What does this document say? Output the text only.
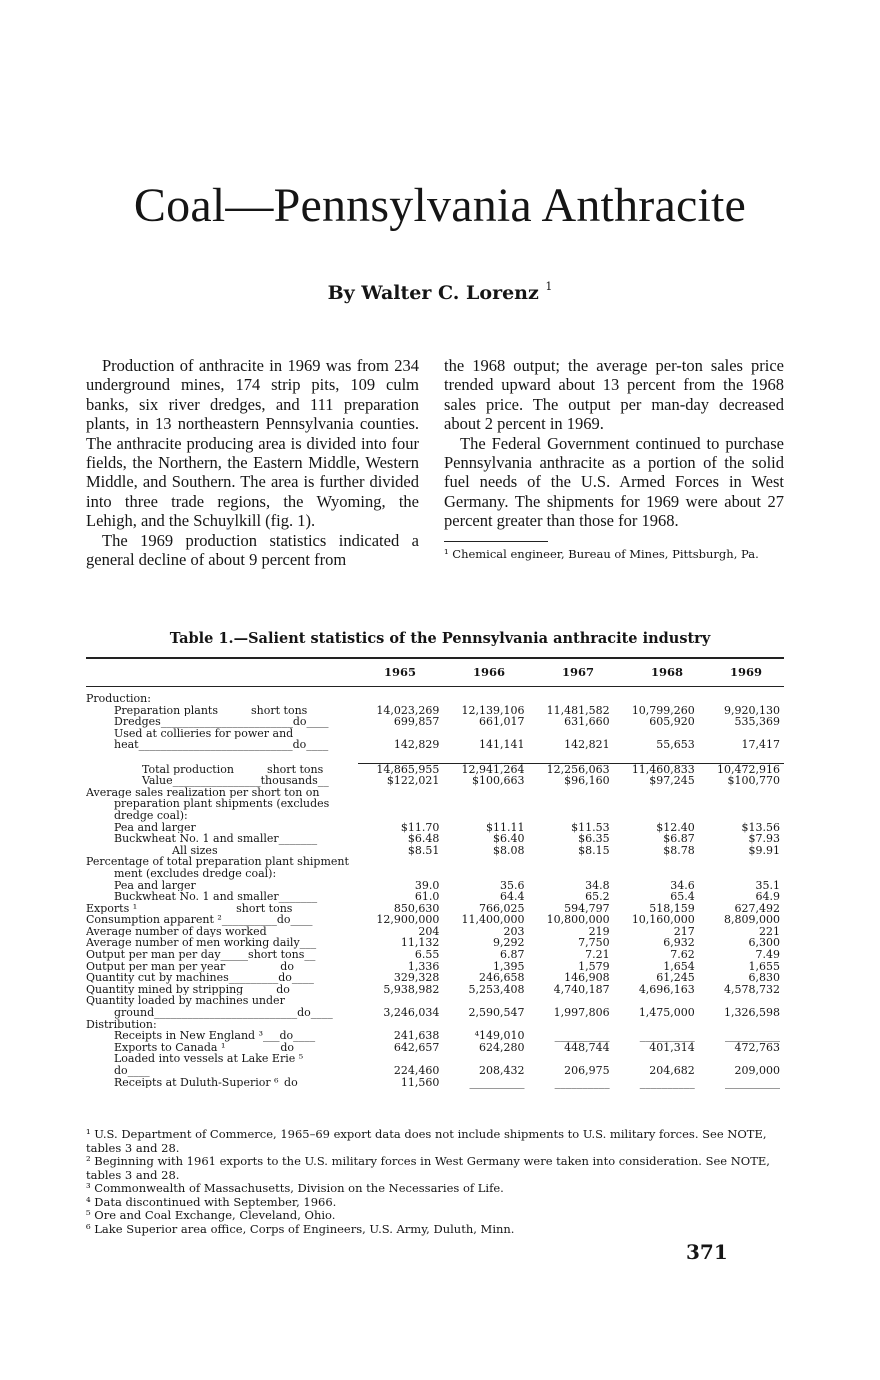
Coal—Pennsylvania Anthracite
By Walter C. Lorenz $^1$

Production of anthracite in 1969 was from 234 underground mines, 174 strip pits, 109 culm banks, six river dredges, and 111 preparation plants, in 13 northeastern Pennsylvania counties. The anthracite producing area is divided into four fields, the Northern, the Eastern Middle, Western Middle, and Southern. The area is further divided into three trade regions, the Wyoming, the Lehigh, and the Schuylkill (fig. 1).

The 1969 production statistics indicated a general decline of about 9 percent from

the 1968 output; the average per-ton sales price trended upward about 13 percent from the 1968 sales price. The output per man-day decreased about 2 percent in 1969.

The Federal Government continued to purchase Pennsylvania anthracite as a portion of the solid fuel needs of the U.S. Armed Forces in West Germany. The shipments for 1969 were about 27 percent greater than those for 1968.

¹ Chemical engineer, Bureau of Mines, Pittsburgh, Pa.

Table 1.—Salient statistics of the Pennsylvania anthracite industry
1965	1966	1967	1968	1969
Production:					
Preparation plants______short tons__	14,023,269	12,139,106	11,481,582	10,799,260	9,920,130
Dredges________________________do____	699,857	661,017	631,660	605,920	535,369
Used at collieries for power and					
heat____________________________do____	142,829	141,141	142,821	55,653	17,417

Total production______short tons__	14,865,955	12,941,264	12,256,063	11,460,833	10,472,916
Value________________thousands__	$122,021	$100,663	$96,160	$97,245	$100,770
Average sales realization per short ton on					
preparation plant shipments (excludes					
dredge coal):					
Pea and larger____________________	$11.70	$11.11	$11.53	$12.40	$13.56
Buckwheat No. 1 and smaller_______	$6.48	$6.40	$6.35	$6.87	$7.93
All sizes________________________	$8.51	$8.08	$8.15	$8.78	$9.91
Percentage of total preparation plant shipment					
ment (excludes dredge coal):					
Pea and larger____________________	39.0	35.6	34.8	34.6	35.1
Buckwheat No. 1 and smaller_______	61.0	64.4	65.2	65.4	64.9
Exports ¹__________________short tons__	850,630	766,025	594,797	518,159	627,492
Consumption apparent ²__________do____	12,900,000	11,400,000	10,800,000	10,160,000	8,809,000
Average number of days worked_________	204	203	219	217	221
Average number of men working daily___	11,132	9,292	7,750	6,932	6,300
Output per man per day_____short tons__	6.55	6.87	7.21	7.62	7.49
Output per man per year__________do____	1,336	1,395	1,579	1,654	1,655
Quantity cut by machines_________do____	329,328	246,658	146,908	61,245	6,830
Quantity mined by stripping______do____	5,938,982	5,253,408	4,740,187	4,696,163	4,578,732
Quantity loaded by machines under					
ground__________________________do____	3,246,034	2,590,547	1,997,806	1,475,000	1,326,598
Distribution:					
Receipts in New England ³___do____	241,638	⁴149,010	__________	__________	__________
Exports to Canada ¹__________do____	642,657	624,280	448,744	401,314	472,763
Loaded into vessels at Lake Erie ⁵					
do____	224,460	208,432	206,975	204,682	209,000
Receipts at Duluth-Superior ⁶_do____	11,560	__________	__________	__________	__________

¹ U.S. Department of Commerce, 1965–69 export data does not include shipments to U.S. military forces. See NOTE, tables 3 and 28.

² Beginning with 1961 exports to the U.S. military forces in West Germany were taken into consideration. See NOTE, tables 3 and 28.

³ Commonwealth of Massachusetts, Division on the Necessaries of Life.

⁴ Data discontinued with September, 1966.

⁵ Ore and Coal Exchange, Cleveland, Ohio.

⁶ Lake Superior area office, Corps of Engineers, U.S. Army, Duluth, Minn.

371
